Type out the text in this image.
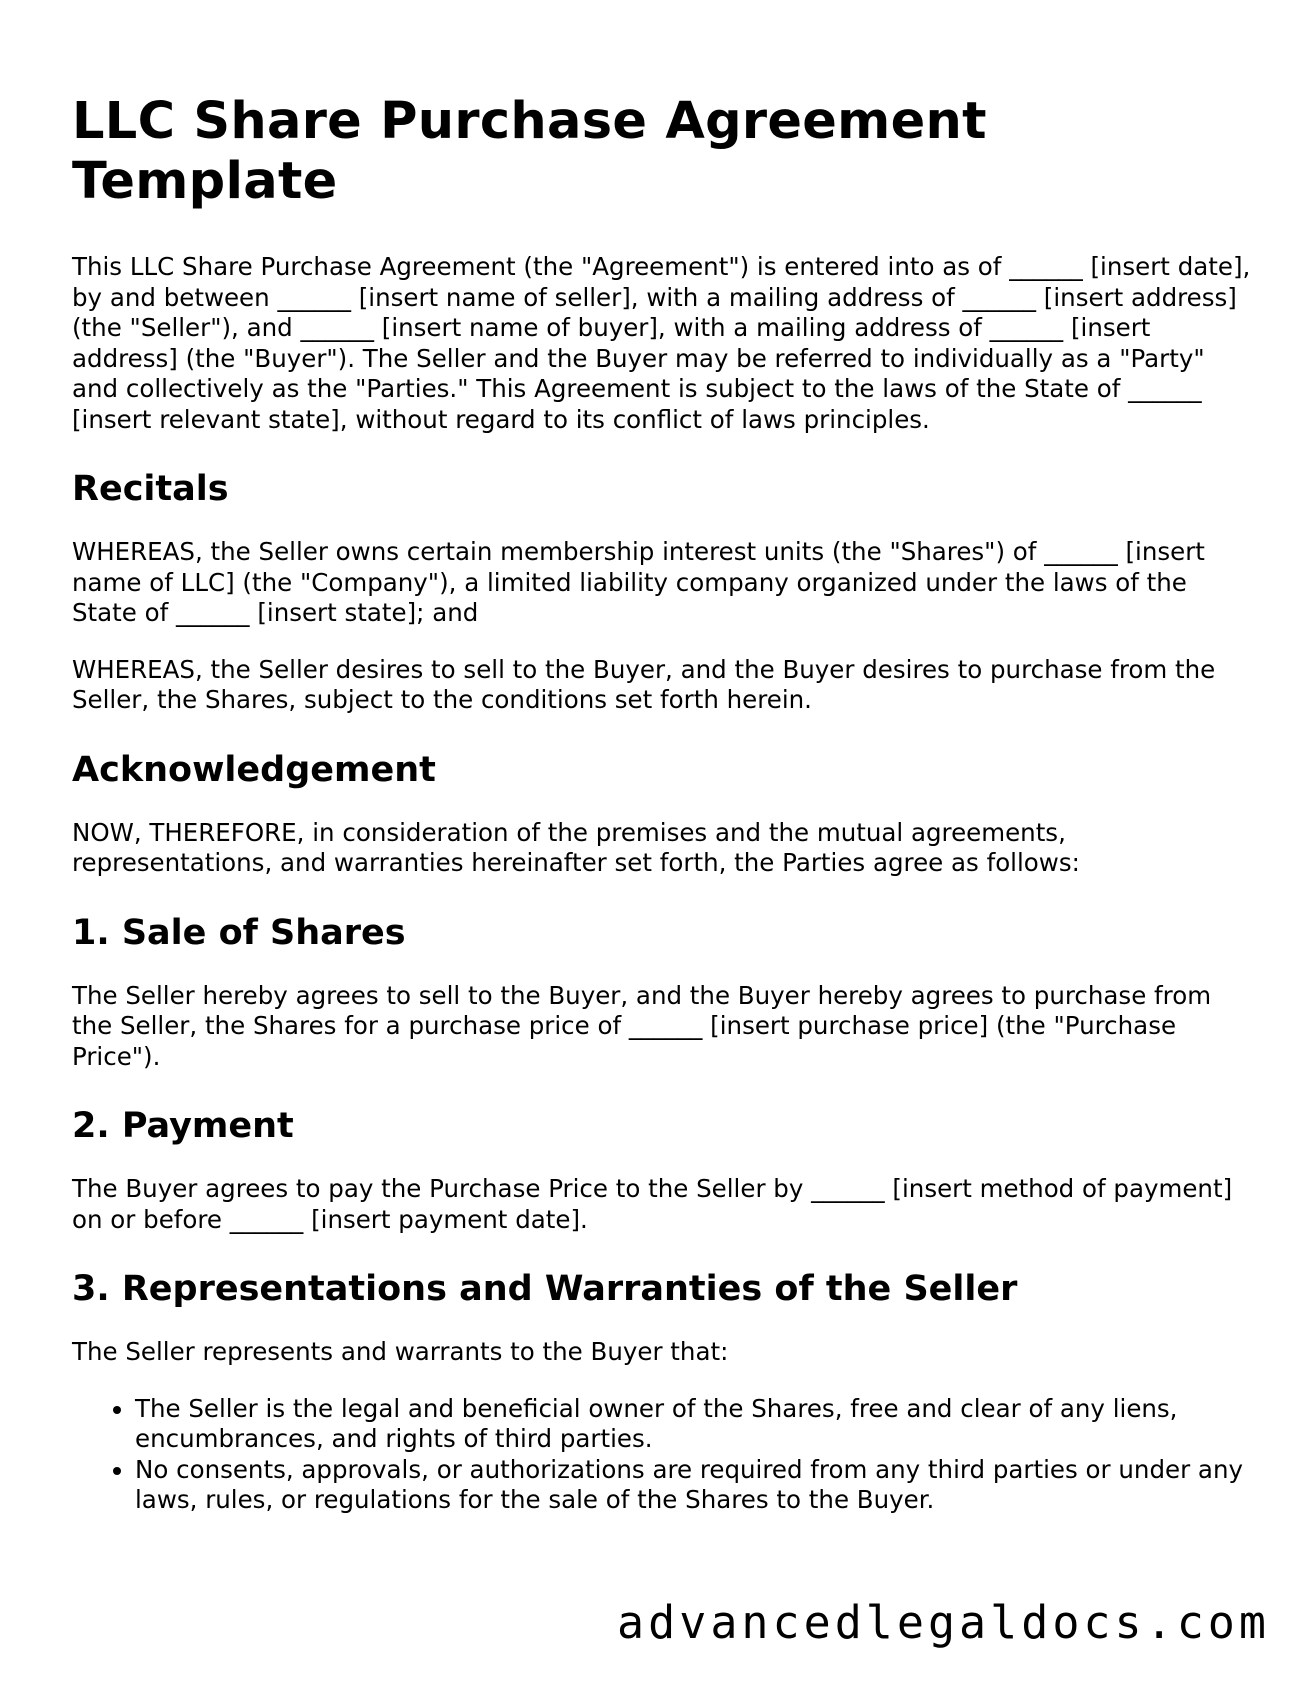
LLC Share Purchase Agreement Template

This LLC Share Purchase Agreement (the "Agreement") is entered into as of ______ [insert date], by and between ______ [insert name of seller], with a mailing address of ______ [insert address] (the "Seller"), and ______ [insert name of buyer], with a mailing address of ______ [insert address] (the "Buyer"). The Seller and the Buyer may be referred to individually as a "Party" and collectively as the "Parties." This Agreement is subject to the laws of the State of ______ [insert relevant state], without regard to its conflict of laws principles.

Recitals

WHEREAS, the Seller owns certain membership interest units (the "Shares") of ______ [insert name of LLC] (the "Company"), a limited liability company organized under the laws of the State of ______ [insert state]; and

WHEREAS, the Seller desires to sell to the Buyer, and the Buyer desires to purchase from the Seller, the Shares, subject to the conditions set forth herein.

Acknowledgement

NOW, THEREFORE, in consideration of the premises and the mutual agreements, representations, and warranties hereinafter set forth, the Parties agree as follows:

1. Sale of Shares

The Seller hereby agrees to sell to the Buyer, and the Buyer hereby agrees to purchase from the Seller, the Shares for a purchase price of ______ [insert purchase price] (the "Purchase Price").

2. Payment

The Buyer agrees to pay the Purchase Price to the Seller by ______ [insert method of payment] on or before ______ [insert payment date].

3. Representations and Warranties of the Seller

The Seller represents and warrants to the Buyer that:

• The Seller is the legal and beneficial owner of the Shares, free and clear of any liens, encumbrances, and rights of third parties.
• No consents, approvals, or authorizations are required from any third parties or under any laws, rules, or regulations for the sale of the Shares to the Buyer.
advancedlegaldocs.com
